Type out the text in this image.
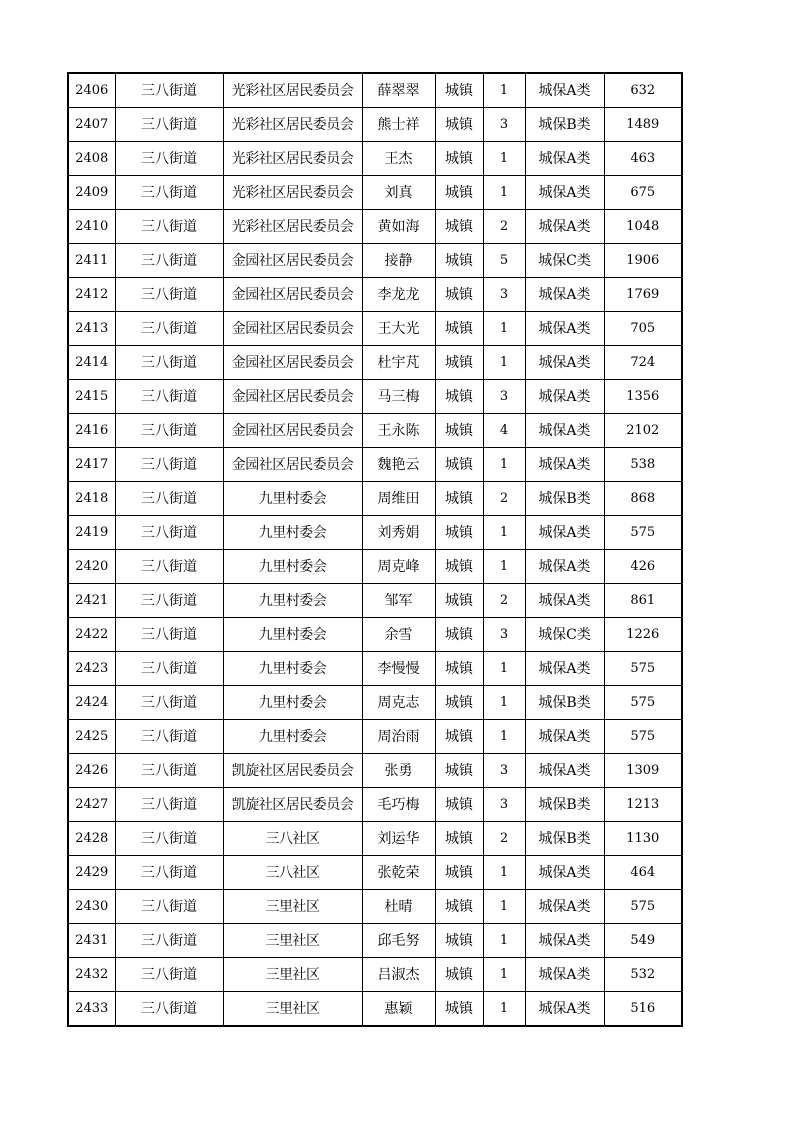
2406	三八街道	光彩社区居民委员会	薛翠翠	城镇	1	城保A类	632
2407	三八街道	光彩社区居民委员会	熊士祥	城镇	3	城保B类	1489
2408	三八街道	光彩社区居民委员会	王杰	城镇	1	城保A类	463
2409	三八街道	光彩社区居民委员会	刘真	城镇	1	城保A类	675
2410	三八街道	光彩社区居民委员会	黄如海	城镇	2	城保A类	1048
2411	三八街道	金园社区居民委员会	接静	城镇	5	城保C类	1906
2412	三八街道	金园社区居民委员会	李龙龙	城镇	3	城保A类	1769
2413	三八街道	金园社区居民委员会	王大光	城镇	1	城保A类	705
2414	三八街道	金园社区居民委员会	杜宇芃	城镇	1	城保A类	724
2415	三八街道	金园社区居民委员会	马三梅	城镇	3	城保A类	1356
2416	三八街道	金园社区居民委员会	王永陈	城镇	4	城保A类	2102
2417	三八街道	金园社区居民委员会	魏艳云	城镇	1	城保A类	538
2418	三八街道	九里村委会	周维田	城镇	2	城保B类	868
2419	三八街道	九里村委会	刘秀娟	城镇	1	城保A类	575
2420	三八街道	九里村委会	周克峰	城镇	1	城保A类	426
2421	三八街道	九里村委会	邹军	城镇	2	城保A类	861
2422	三八街道	九里村委会	余雪	城镇	3	城保C类	1226
2423	三八街道	九里村委会	李慢慢	城镇	1	城保A类	575
2424	三八街道	九里村委会	周克志	城镇	1	城保B类	575
2425	三八街道	九里村委会	周治雨	城镇	1	城保A类	575
2426	三八街道	凯旋社区居民委员会	张勇	城镇	3	城保A类	1309
2427	三八街道	凯旋社区居民委员会	毛巧梅	城镇	3	城保B类	1213
2428	三八街道	三八社区	刘运华	城镇	2	城保B类	1130
2429	三八街道	三八社区	张乾荣	城镇	1	城保A类	464
2430	三八街道	三里社区	杜晴	城镇	1	城保A类	575
2431	三八街道	三里社区	邱毛努	城镇	1	城保A类	549
2432	三八街道	三里社区	吕淑杰	城镇	1	城保A类	532
2433	三八街道	三里社区	惠颖	城镇	1	城保A类	516
